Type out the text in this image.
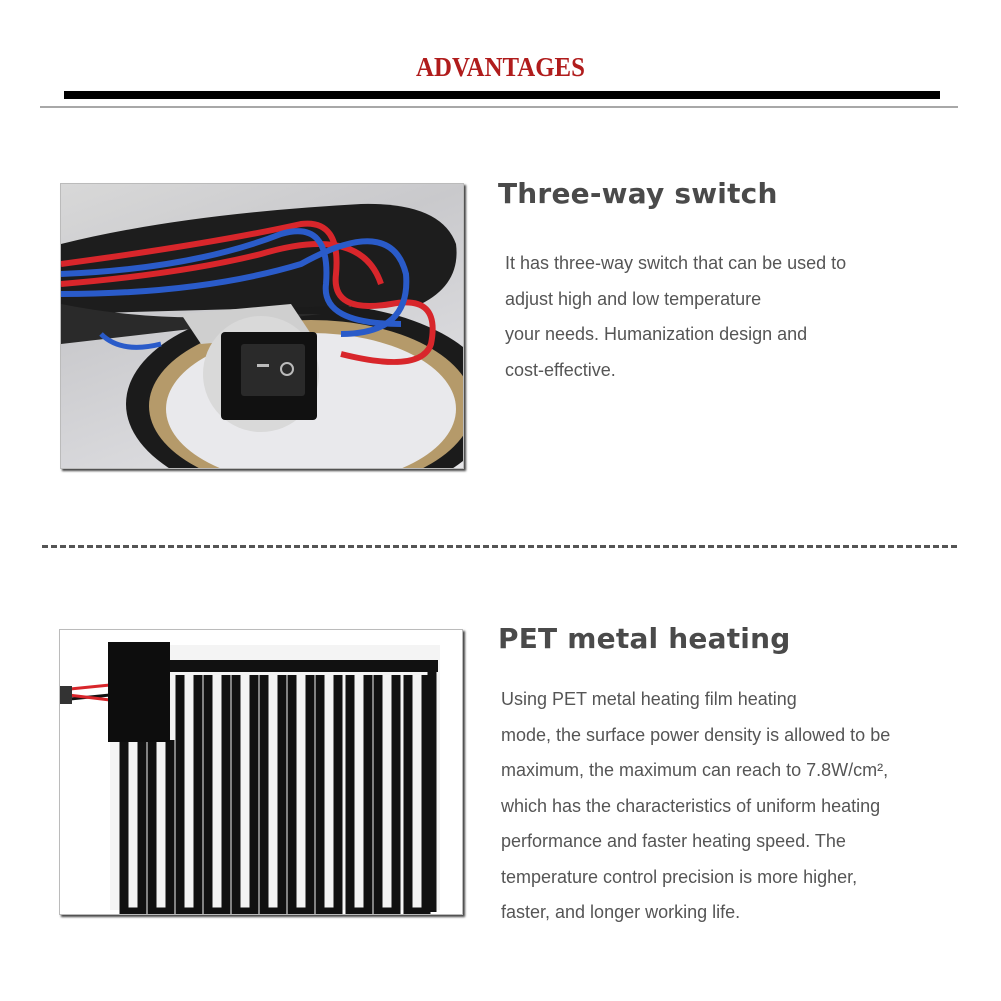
ADVANTAGES
Three-way switch
It has three-way switch that can be used to
adjust high and low temperature
your needs. Humanization design and
cost-effective.
PET metal heating
Using PET metal heating film heating
mode, the surface power density is allowed to be
maximum, the maximum can reach to 7.8W/cm²,
which has the characteristics of uniform heating
performance and faster heating speed. The
temperature control precision is more higher,
faster, and longer working life.
